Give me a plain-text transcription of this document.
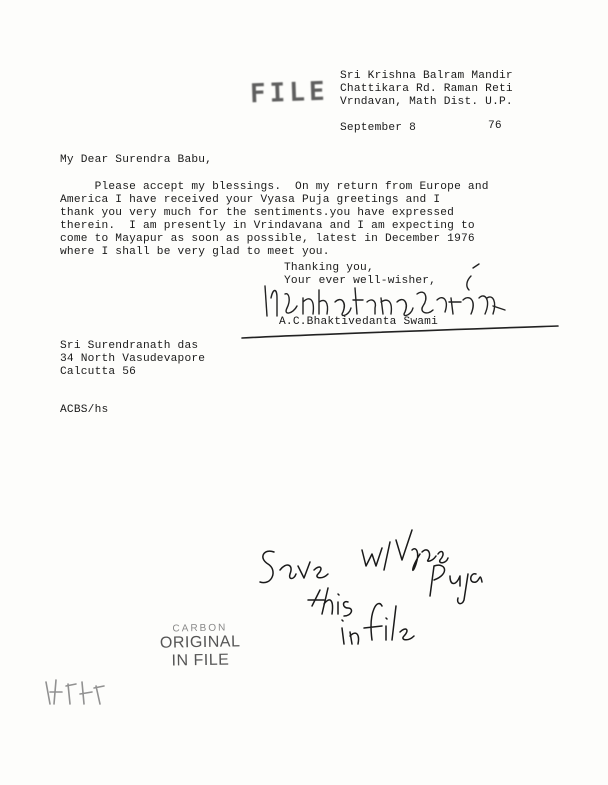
FILE
Sri Krishna Balram Mandir
Chattikara Rd. Raman Reti
Vrndavan, Math Dist. U.P.
September 8	76
My Dear Surendra Babu,
Please accept my blessings.  On my return from Europe and
America I have received your Vyasa Puja greetings and I
thank you very much for the sentiments.you have expressed
therein.  I am presently in Vrindavana and I am expecting to
come to Mayapur as soon as possible, latest in December 1976
where I shall be very glad to meet you.
Thanking you,
Your ever well-wisher,
A.C.Bhaktivedanta Swami
Sri Surendranath das
34 North Vasudevapore
Calcutta 56
ACBS/hs
CARBON
ORIGINAL
IN FILE
